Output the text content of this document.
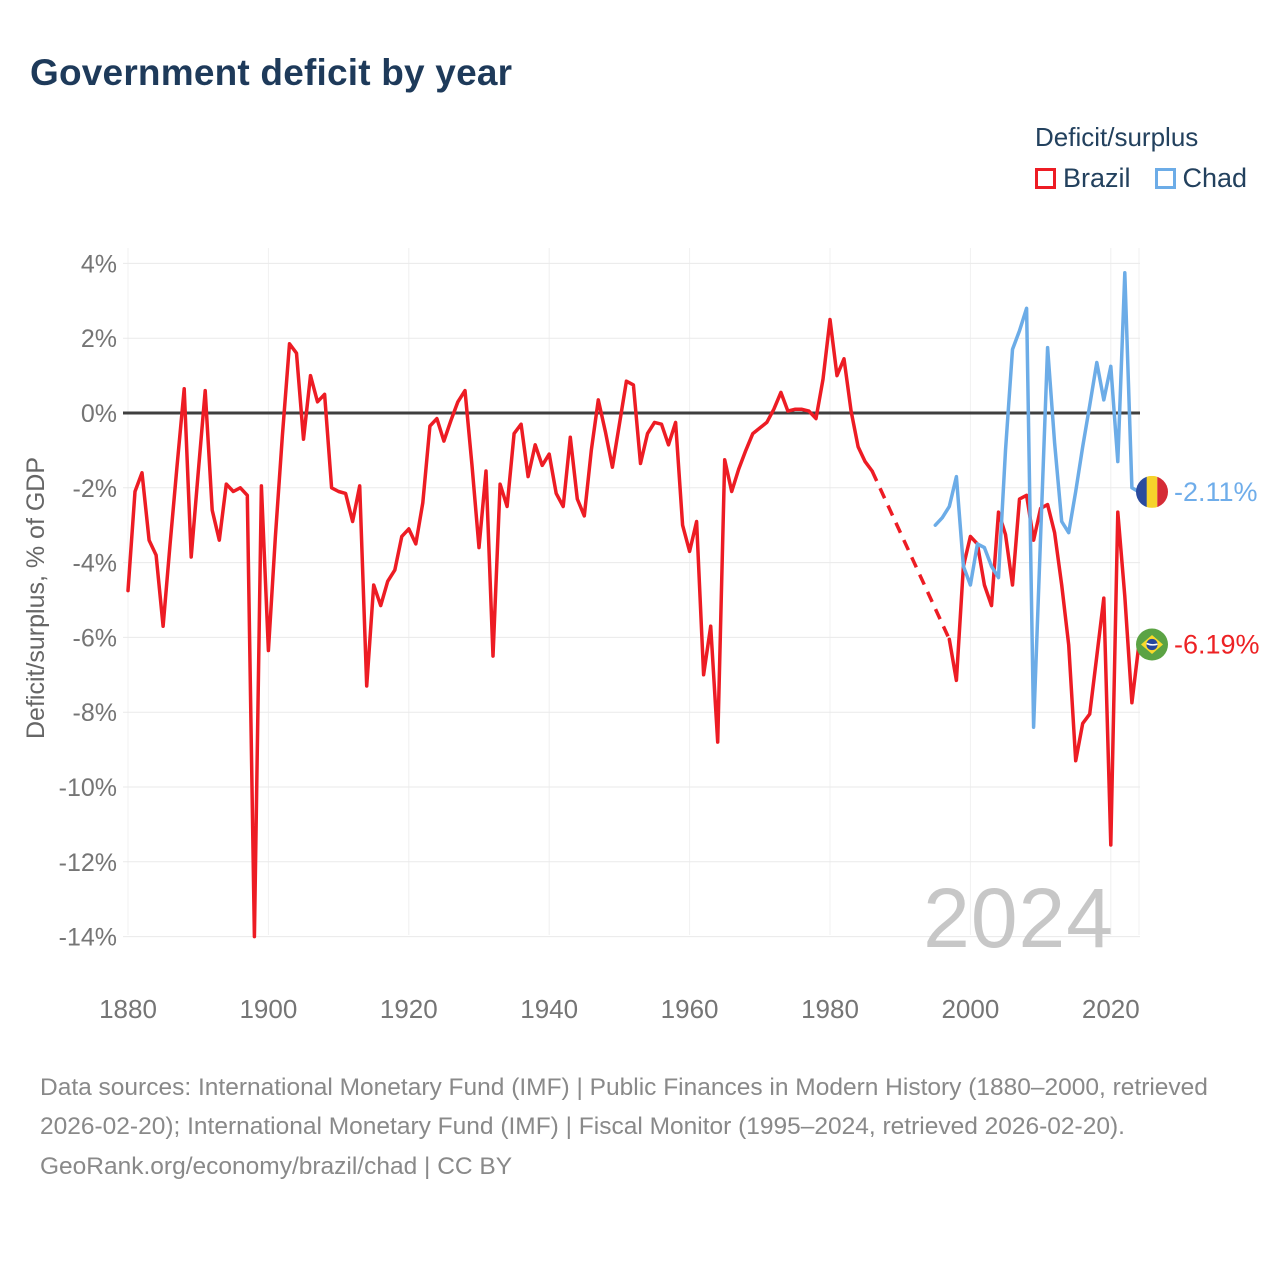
4%
2%
0%
-2%
-4%
-6%
-8%
-10%
-12%
-14%
1880	1900	1920	1940	1960	1980	2000	2020
Deficit/surplus, % of GDP	-6.19%
-2.11%
Government deficit by year
Deficit/surplus
Brazil Chad
2024
Data sources: International Monetary Fund (IMF) | Public Finances in Modern History (1880–2000, retrieved 2026-02-20); International Monetary Fund (IMF) | Fiscal Monitor (1995–2024, retrieved 2026-02-20).
GeoRank.org/economy/brazil/chad | CC BY
